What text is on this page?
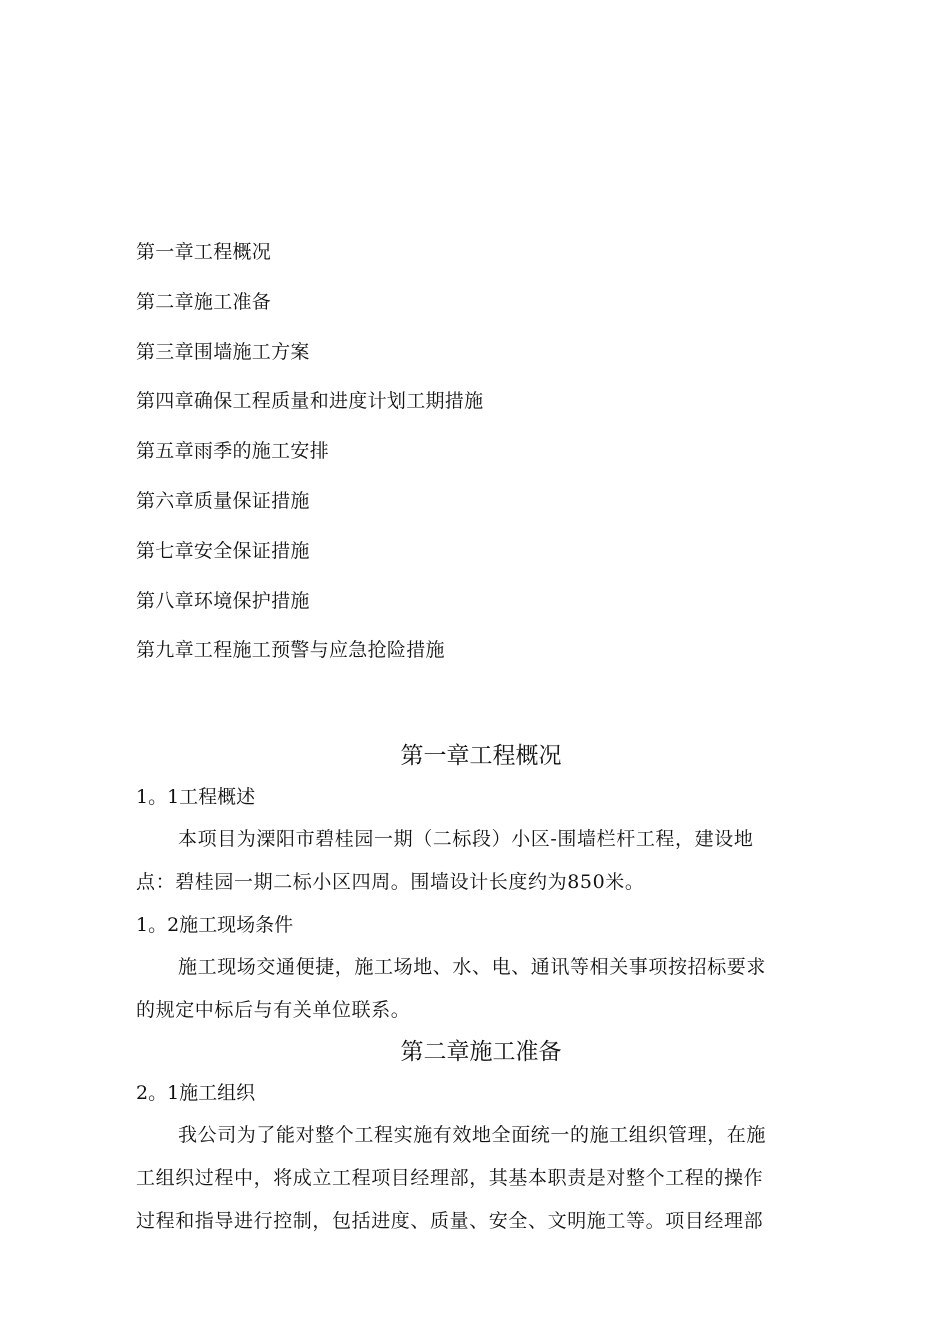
第一章工程概况
第二章施工准备
第三章围墙施工方案
第四章确保工程质量和进度计划工期措施
第五章雨季的施工安排
第六章质量保证措施
第七章安全保证措施
第八章环境保护措施
第九章工程施工预警与应急抢险措施
第一章工程概况

1。1工程概述

本项目为溧阳市碧桂园一期（二标段）小区-围墙栏杆工程，建设地
点：碧桂园一期二标小区四周。围墙设计长度约为850米。

1。2施工现场条件

施工现场交通便捷，施工场地、水、电、通讯等相关事项按招标要求
的规定中标后与有关单位联系。
第二章施工准备

2。1施工组织

我公司为了能对整个工程实施有效地全面统一的施工组织管理，在施
工组织过程中，将成立工程项目经理部，其基本职责是对整个工程的操作
过程和指导进行控制，包括进度、质量、安全、文明施工等。项目经理部
